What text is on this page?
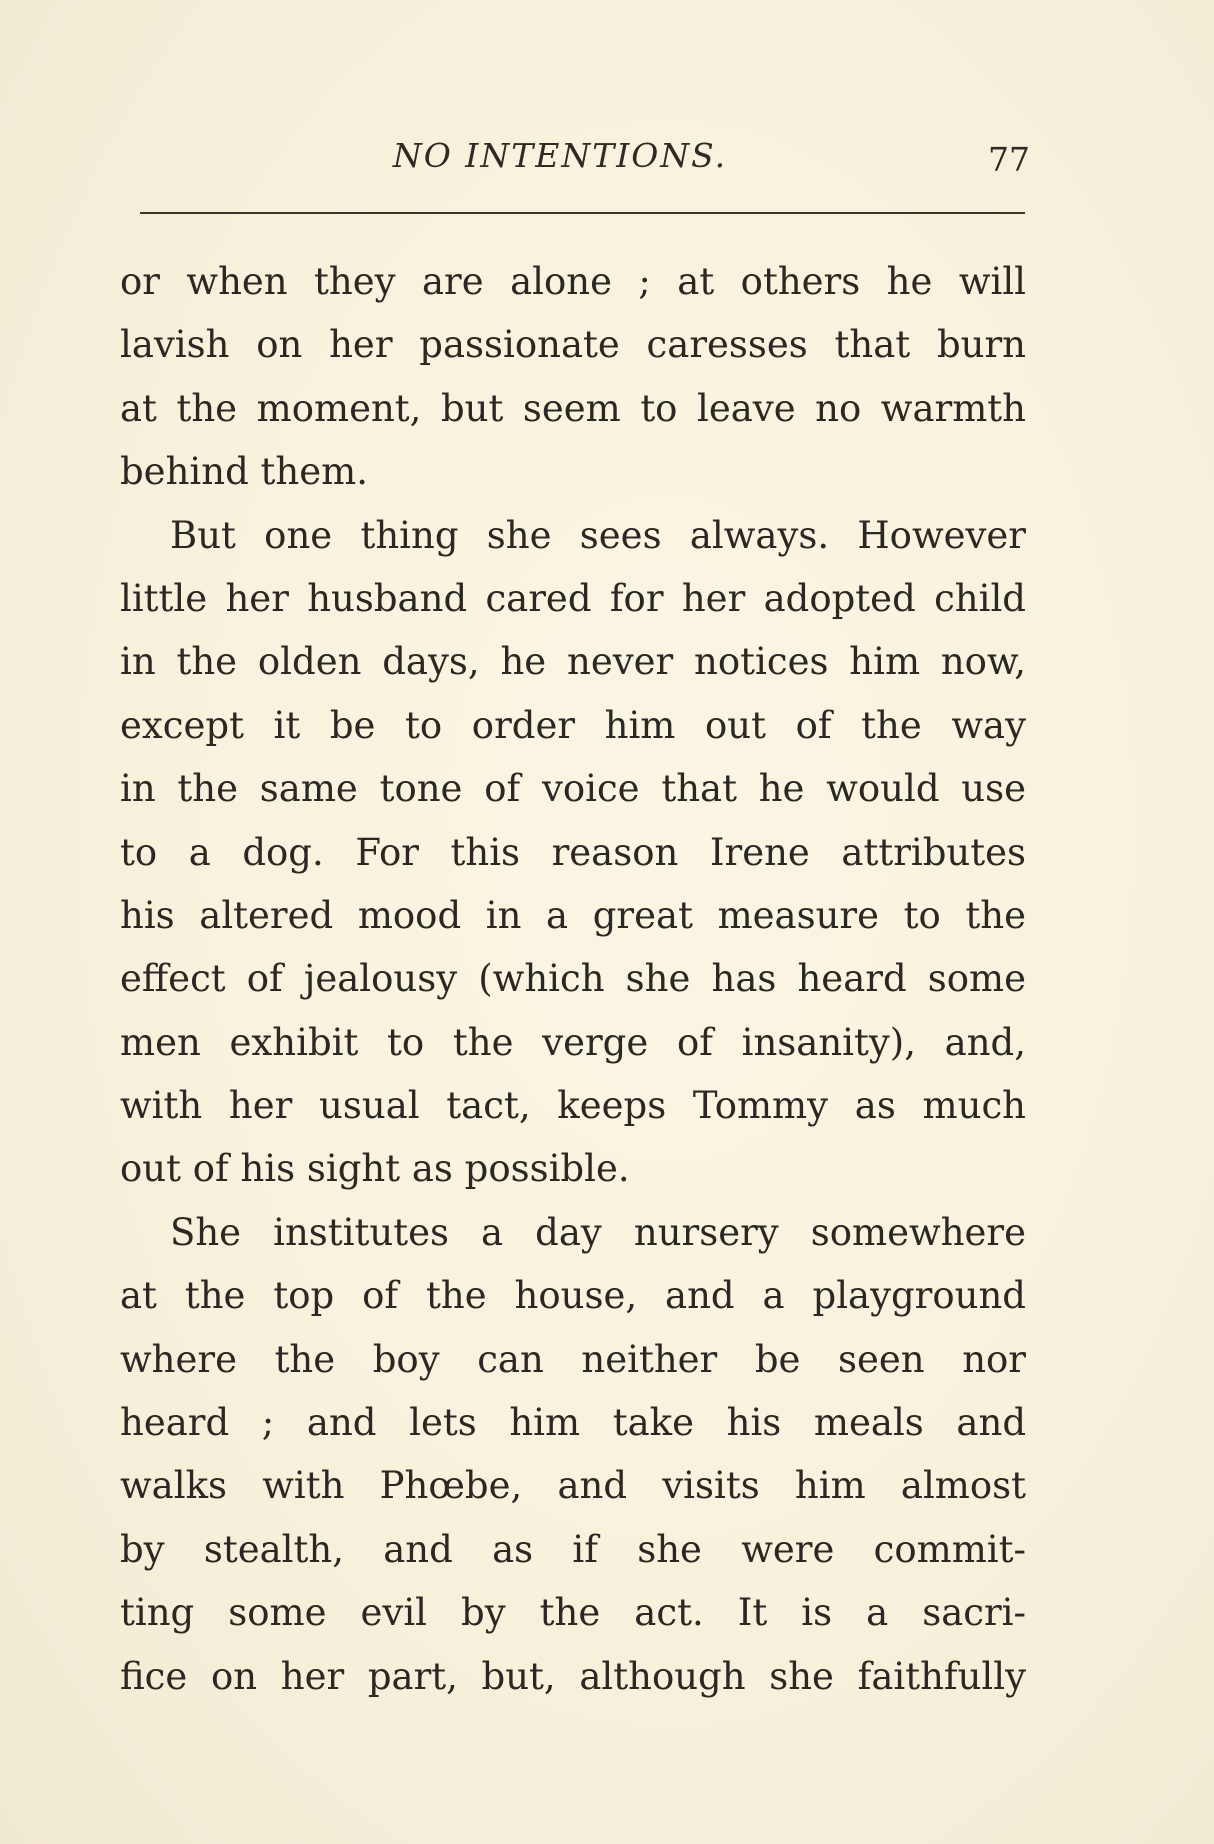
NO INTENTIONS.	77
or when they are alone ; at others he will
lavish on her passionate caresses that burn
at the moment, but seem to leave no warmth
behind them.
But one thing she sees always. However
little her husband cared for her adopted child
in the olden days, he never notices him now,
except it be to order him out of the way
in the same tone of voice that he would use
to a dog. For this reason Irene attributes
his altered mood in a great measure to the
effect of jealousy (which she has heard some
men exhibit to the verge of insanity), and,
with her usual tact, keeps Tommy as much
out of his sight as possible.
She institutes a day nursery somewhere
at the top of the house, and a playground
where the boy can neither be seen nor
heard ; and lets him take his meals and
walks with Phœbe, and visits him almost
by stealth, and as if she were commit-
ting some evil by the act. It is a sacri-
fice on her part, but, although she faithfully
